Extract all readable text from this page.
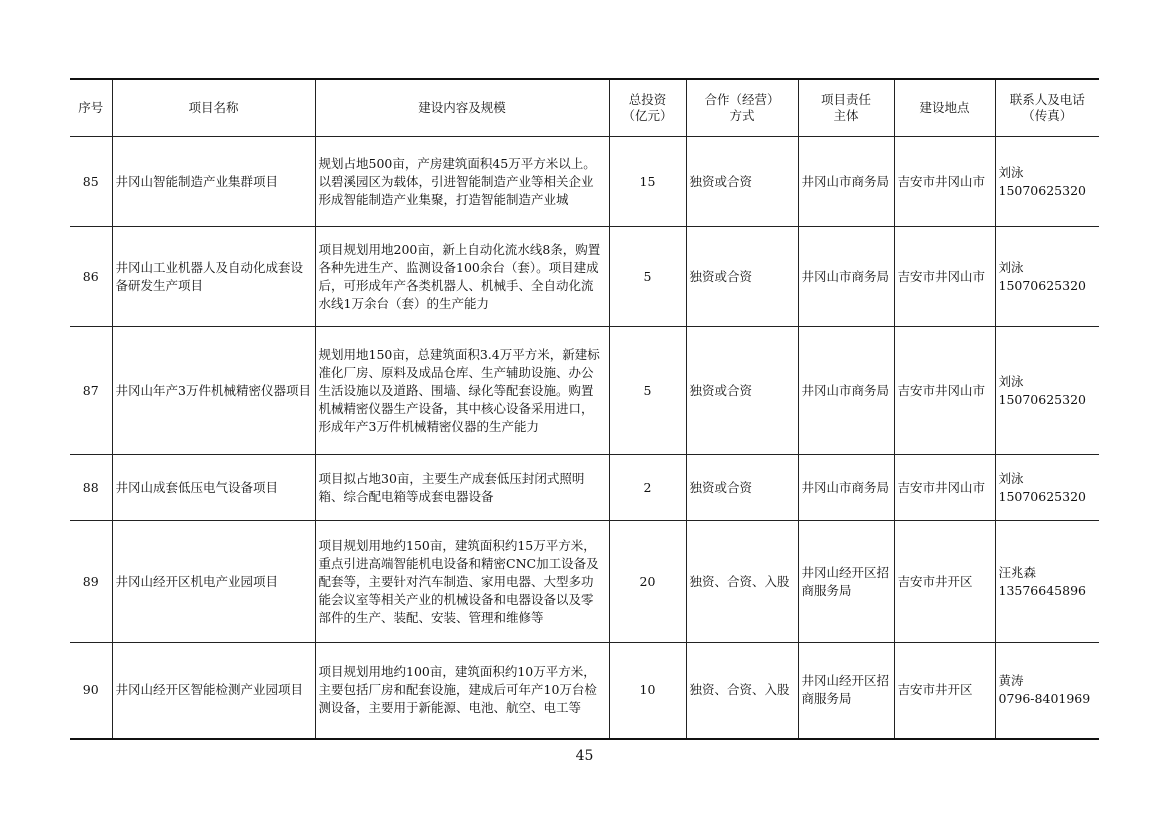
序号	项目名称	建设内容及规模	总投资（亿元）	合作（经营）方式	项目责任主体	建设地点	联系人及电话（传真）
85	井冈山智能制造产业集群项目	规划占地500亩，产房建筑面积45万平方米以上。以碧溪园区为载体，引进智能制造产业等相关企业形成智能制造产业集聚，打造智能制造产业城	15	独资或合资	井冈山市商务局	吉安市井冈山市	刘泳
15070625320
86	井冈山工业机器人及自动化成套设备研发生产项目	项目规划用地200亩，新上自动化流水线8条，购置各种先进生产、监测设备100余台（套）。项目建成后，可形成年产各类机器人、机械手、全自动化流水线1万余台（套）的生产能力	5	独资或合资	井冈山市商务局	吉安市井冈山市	刘泳
15070625320
87	井冈山年产3万件机械精密仪器项目	规划用地150亩，总建筑面积3.4万平方米，新建标准化厂房、原料及成品仓库、生产辅助设施、办公生活设施以及道路、围墙、绿化等配套设施。购置机械精密仪器生产设备，其中核心设备采用进口，形成年产3万件机械精密仪器的生产能力	5	独资或合资	井冈山市商务局	吉安市井冈山市	刘泳
15070625320
88	井冈山成套低压电气设备项目	项目拟占地30亩，主要生产成套低压封闭式照明箱、综合配电箱等成套电器设备	2	独资或合资	井冈山市商务局	吉安市井冈山市	刘泳
15070625320
89	井冈山经开区机电产业园项目	项目规划用地约150亩，建筑面积约15万平方米，重点引进高端智能机电设备和精密CNC加工设备及配套等，主要针对汽车制造、家用电器、大型多功能会议室等相关产业的机械设备和电器设备以及零部件的生产、装配、安装、管理和维修等	20	独资、合资、入股	井冈山经开区招商服务局	吉安市井开区	汪兆森
13576645896
90	井冈山经开区智能检测产业园项目	项目规划用地约100亩，建筑面积约10万平方米，主要包括厂房和配套设施，建成后可年产10万台检测设备，主要用于新能源、电池、航空、电工等	10	独资、合资、入股	井冈山经开区招商服务局	吉安市井开区	黄涛
0796-8401969
45
